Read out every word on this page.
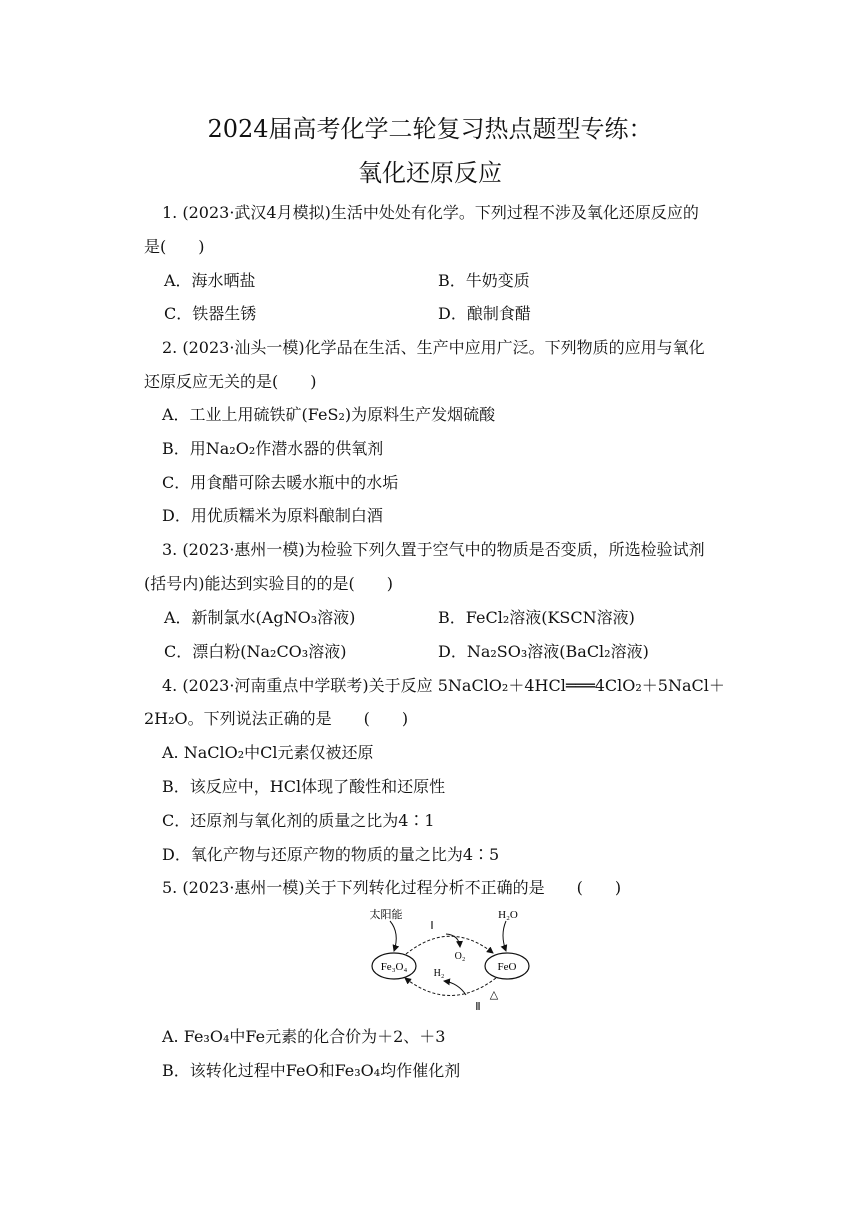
2024届高考化学二轮复习热点题型专练：
氧化还原反应
1. (2023·武汉4月模拟)生活中处处有化学。下列过程不涉及氧化还原反应的
是(　　)
A．海水晒盐	B．牛奶变质
C．铁器生锈	D．酿制食醋
2. (2023·汕头一模)化学品在生活、生产中应用广泛。下列物质的应用与氧化
还原反应无关的是(　　)
A．工业上用硫铁矿(FeS₂)为原料生产发烟硫酸
B．用Na₂O₂作潜水器的供氧剂
C．用食醋可除去暖水瓶中的水垢
D．用优质糯米为原料酿制白酒
3. (2023·惠州一模)为检验下列久置于空气中的物质是否变质，所选检验试剂
(括号内)能达到实验目的的是(　　)
A．新制氯水(AgNO₃溶液)	B．FeCl₂溶液(KSCN溶液)
C．漂白粉(Na₂CO₃溶液)	D．Na₂SO₃溶液(BaCl₂溶液)
4. (2023·河南重点中学联考)关于反应 5NaClO₂＋4HCl═══4ClO₂＋5NaCl＋
2H₂O。下列说法正确的是　　(　　)
A. NaClO₂中Cl元素仅被还原
B．该反应中，HCl体现了酸性和还原性
C．还原剂与氧化剂的质量之比为4∶1
D．氧化产物与还原产物的物质的量之比为4∶5
5. (2023·惠州一模)关于下列转化过程分析不正确的是　　(　　)
Fe₃O₄	FeO
太阳能	H₂O
Ⅰ
O₂
H₂
Ⅱ
△
A. Fe₃O₄中Fe元素的化合价为＋2、＋3
B．该转化过程中FeO和Fe₃O₄均作催化剂
